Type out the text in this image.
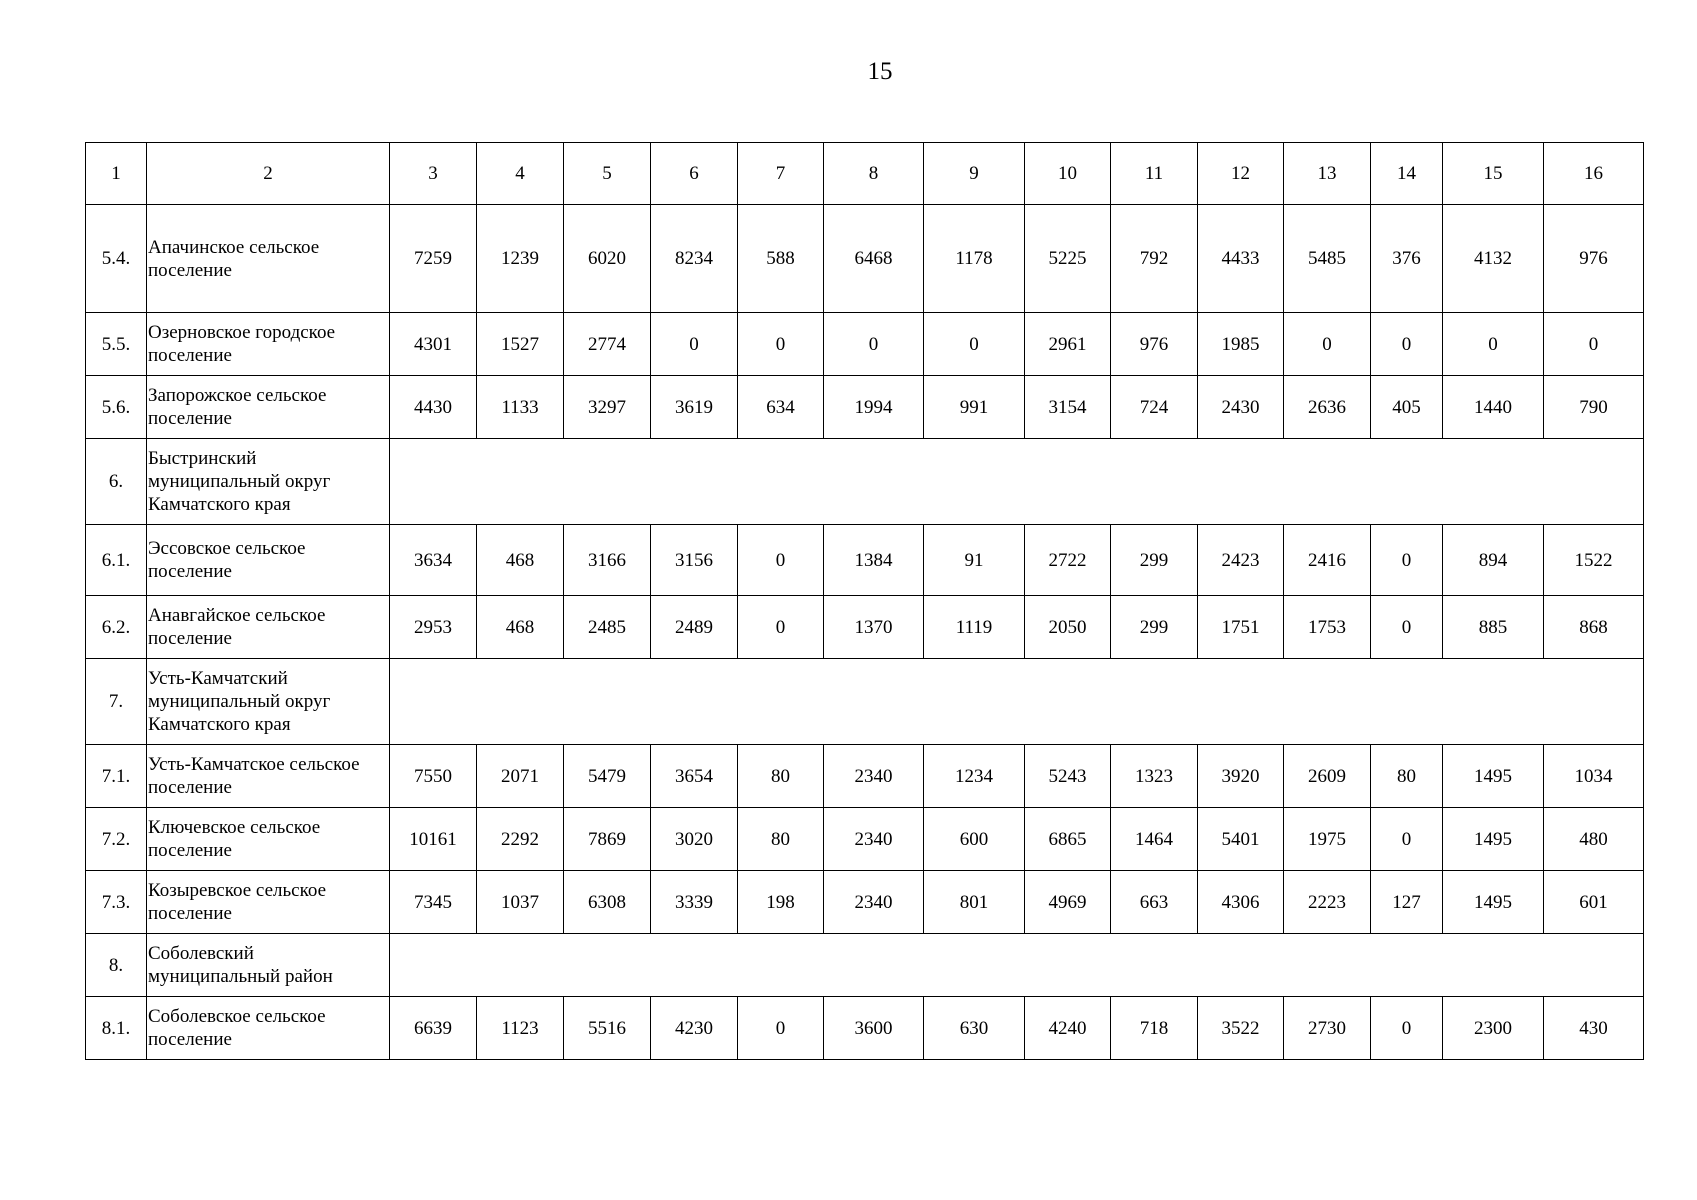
15
1	2	3	4	5	6	7	8	9	10	11	12	13	14	15	16
5.4.	Апачинское сельское поселение	7259	1239	6020	8234	588	6468	1178	5225	792	4433	5485	376	4132	976
5.5.	Озерновское городское поселение	4301	1527	2774	0	0	0	0	2961	976	1985	0	0	0	0
5.6.	Запорожское сельское поселение	4430	1133	3297	3619	634	1994	991	3154	724	2430	2636	405	1440	790
6.	Быстринский муниципальный округ Камчатского края														
6.1.	Эссовское сельское поселение	3634	468	3166	3156	0	1384	91	2722	299	2423	2416	0	894	1522
6.2.	Анавгайское сельское поселение	2953	468	2485	2489	0	1370	1119	2050	299	1751	1753	0	885	868
7.	Усть-Камчатский муниципальный округ Камчатского края														
7.1.	Усть-Камчатское сельское поселение	7550	2071	5479	3654	80	2340	1234	5243	1323	3920	2609	80	1495	1034
7.2.	Ключевское сельское поселение	10161	2292	7869	3020	80	2340	600	6865	1464	5401	1975	0	1495	480
7.3.	Козыревское сельское поселение	7345	1037	6308	3339	198	2340	801	4969	663	4306	2223	127	1495	601
8.	Соболевский муниципальный район														
8.1.	Соболевское сельское поселение	6639	1123	5516	4230	0	3600	630	4240	718	3522	2730	0	2300	430
